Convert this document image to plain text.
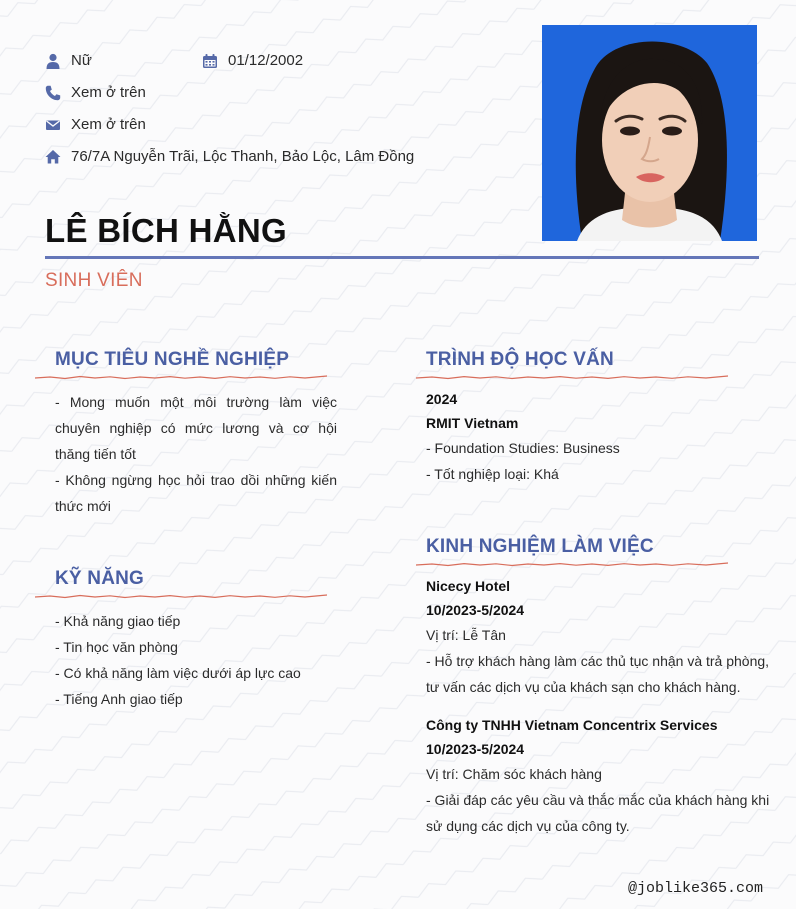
Nữ	01/12/2002
Xem ở trên
Xem ở trên
76/7A Nguyễn Trãi, Lộc Thanh, Bảo Lộc, Lâm Đồng
LÊ BÍCH HẰNG
SINH VIÊN
MỤC TIÊU NGHỀ NGHIỆP
- Mong muốn một môi trường làm việc chuyên nghiệp có mức lương và cơ hội thăng tiến tốt
- Không ngừng học hỏi trao dồi những kiến thức mới
KỸ NĂNG
- Khả năng giao tiếp
- Tin học văn phòng
- Có khả năng làm việc dưới áp lực cao
- Tiếng Anh giao tiếp
TRÌNH ĐỘ HỌC VẤN
2024
RMIT Vietnam
- Foundation Studies: Business
- Tốt nghiệp loại: Khá
KINH NGHIỆM LÀM VIỆC
Nicecy Hotel
10/2023-5/2024
Vị trí: Lễ Tân
- Hỗ trợ khách hàng làm các thủ tục nhận và trả phòng,
tư vấn các dịch vụ của khách sạn cho khách hàng.
Công ty TNHH Vietnam Concentrix Services
10/2023-5/2024
Vị trí: Chăm sóc khách hàng
- Giải đáp các yêu cầu và thắc mắc của khách hàng khi
sử dụng các dịch vụ của công ty.
@joblike365.com
